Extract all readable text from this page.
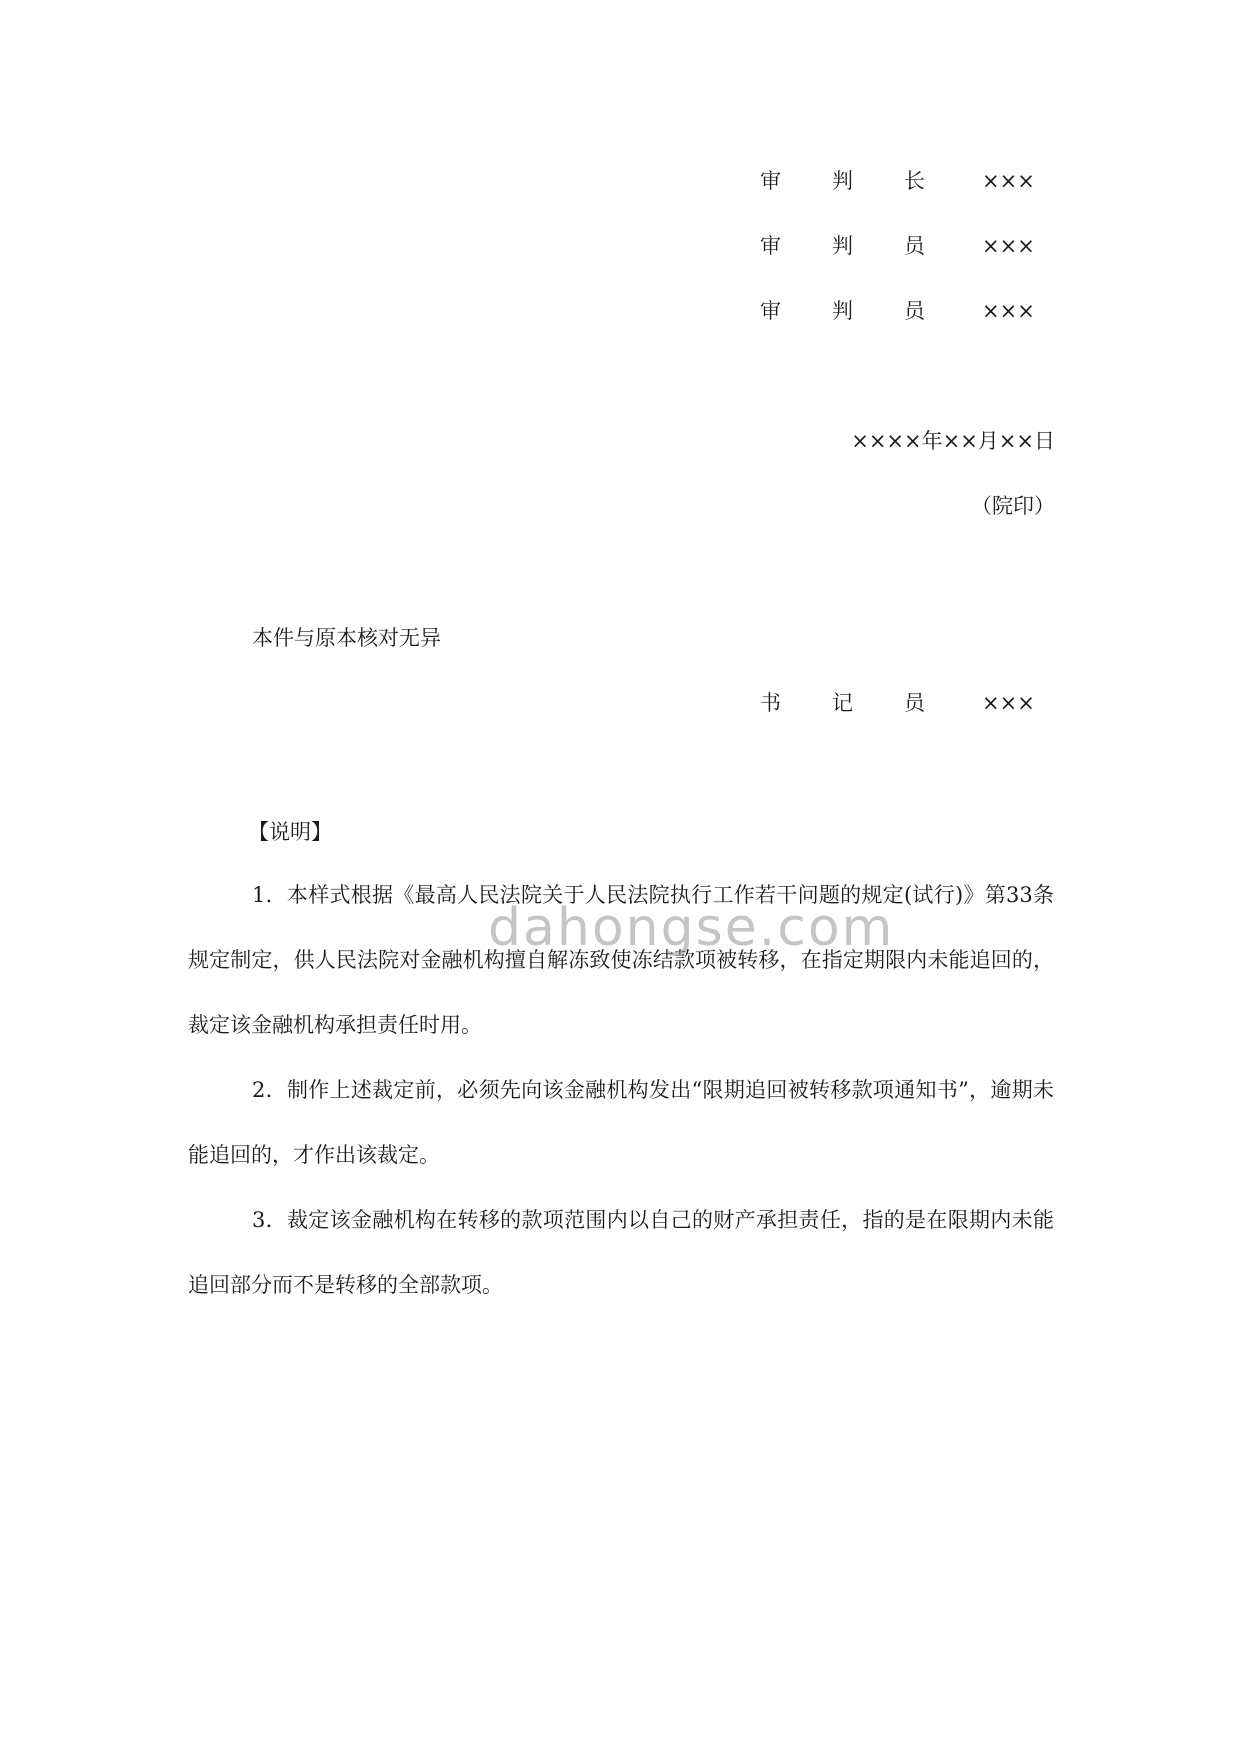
审判长	×××
审判员	×××
审判员	×××
××××年××月××日
（院印）
本件与原本核对无异
书记员	×××
【说明】
1．本样式根据《最高人民法院关于人民法院执行工作若干问题的规定(试行)》第33条规定制定，供人民法院对金融机构擅自解冻致使冻结款项被转移，在指定期限内未能追回的，裁定该金融机构承担责任时用。
2．制作上述裁定前，必须先向该金融机构发出“限期追回被转移款项通知书”，逾期未能追回的，才作出该裁定。
3．裁定该金融机构在转移的款项范围内以自己的财产承担责任，指的是在限期内未能追回部分而不是转移的全部款项。
dahongse.com
